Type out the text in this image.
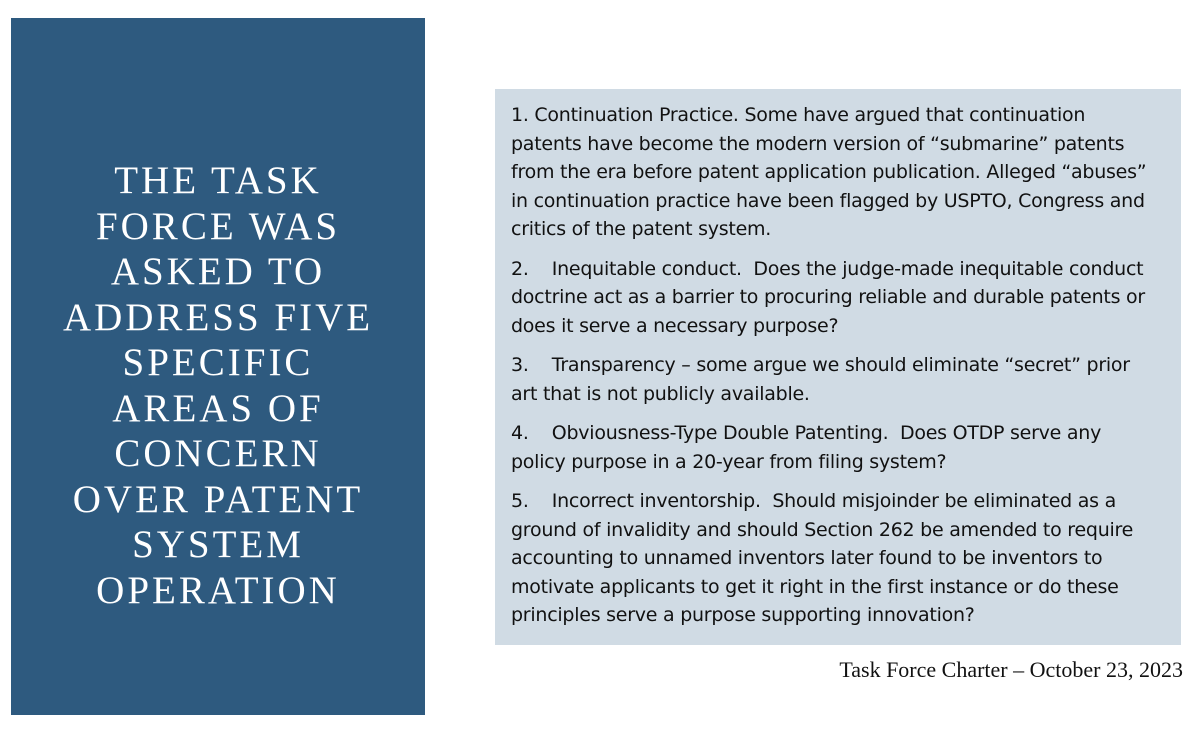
THE TASK
FORCE WAS
ASKED TO
ADDRESS FIVE
SPECIFIC
AREAS OF
CONCERN
OVER PATENT
SYSTEM
OPERATION
1. Continuation Practice. Some have argued that continuation
patents have become the modern version of “submarine” patents
from the era before patent application publication. Alleged “abuses”
in continuation practice have been flagged by USPTO, Congress and
critics of the patent system.
2.    Inequitable conduct.  Does the judge-made inequitable conduct
doctrine act as a barrier to procuring reliable and durable patents or
does it serve a necessary purpose?
3.    Transparency – some argue we should eliminate “secret” prior
art that is not publicly available.
4.    Obviousness-Type Double Patenting.  Does OTDP serve any
policy purpose in a 20-year from filing system?
5.    Incorrect inventorship.  Should misjoinder be eliminated as a
ground of invalidity and should Section 262 be amended to require
accounting to unnamed inventors later found to be inventors to
motivate applicants to get it right in the first instance or do these
principles serve a purpose supporting innovation?
Task Force Charter – October 23, 2023
